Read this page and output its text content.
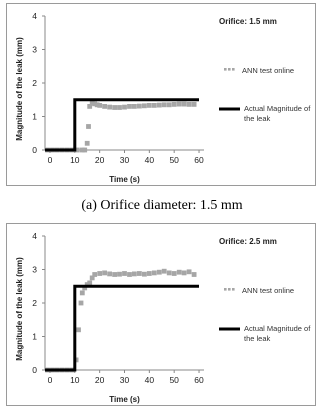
0
1
2
3
4
0 10 20 30 40 50 60
Time (s)
Magnitude of the leak (mm)
Orifice: 1.5 mm
ANN test online
Actual Magnitude of the leak
(a) Orifice diameter: 1.5 mm
0
1
2
3
4
0 10 20 30 40 50 60
Time (s)
Magnitude of the leak (mm)
Orifice: 2.5 mm
ANN test online
Actual Magnitude of the leak
